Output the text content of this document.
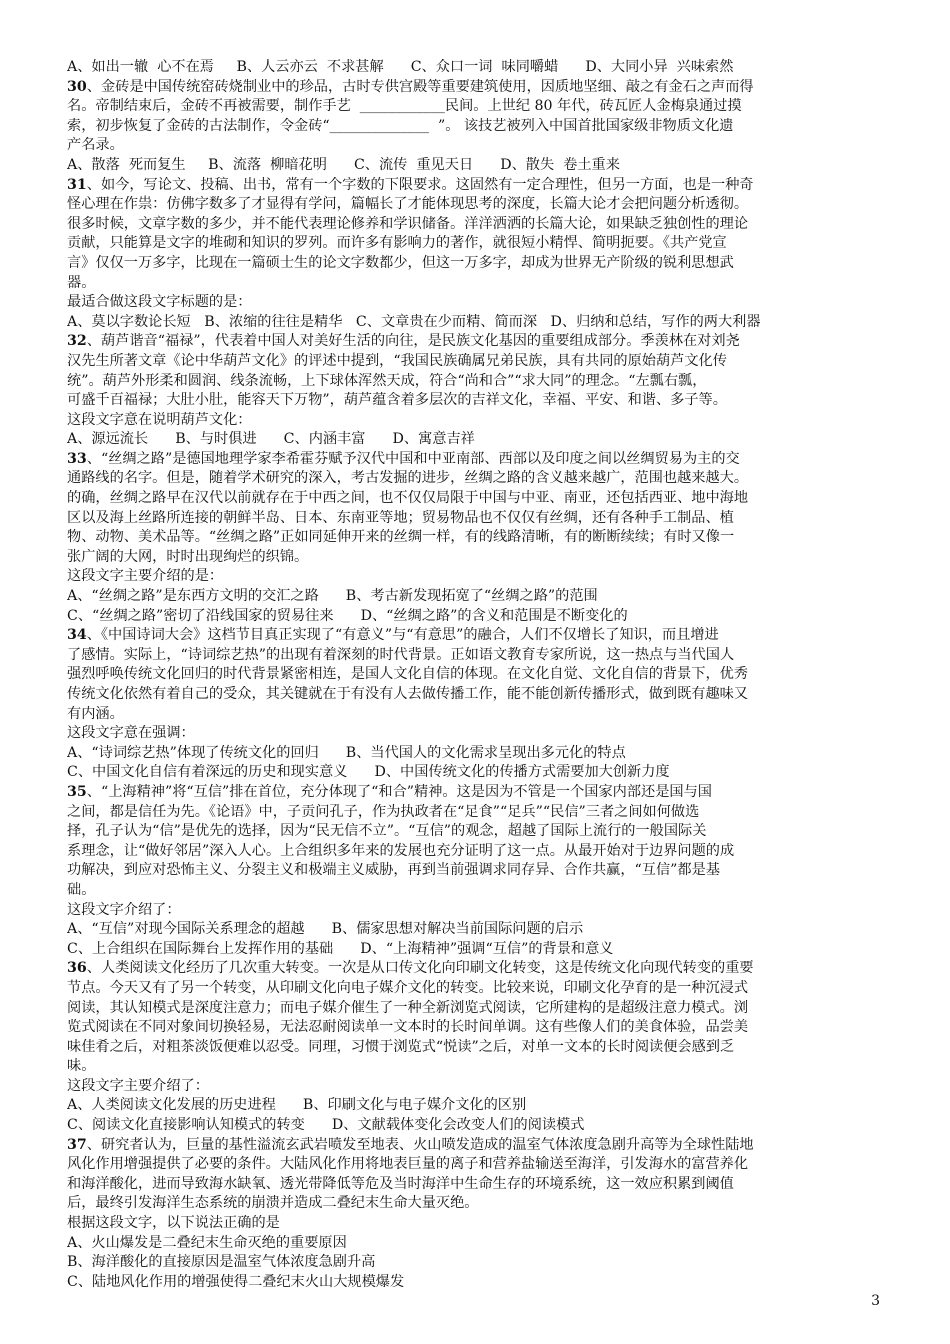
A、如出一辙  心不在焉     B、人云亦云  不求甚解      C、众口一词  味同嚼蜡      D、大同小异  兴味索然
30、金砖是中国传统窑砖烧制业中的珍品，古时专供宫殿等重要建筑使用，因质地坚细、敲之有金石之声而得
名。帝制结束后，金砖不再被需要，制作手艺  ____________民间。上世纪 80 年代，砖瓦匠人金梅泉通过摸
索，初步恢复了金砖的古法制作，令金砖“______________  ”。 该技艺被列入中国首批国家级非物质文化遗
产名录。
A、散落  死而复生     B、流落  柳暗花明      C、流传  重见天日      D、散失  卷土重来
31、如今，写论文、投稿、出书，常有一个字数的下限要求。这固然有一定合理性，但另一方面，也是一种奇
怪心理在作祟：仿佛字数多了才显得有学问，篇幅长了才能体现思考的深度，长篇大论才会把问题分析透彻。
很多时候，文章字数的多少，并不能代表理论修养和学识储备。洋洋洒洒的长篇大论，如果缺乏独创性的理论
贡献，只能算是文字的堆砌和知识的罗列。而许多有影响力的著作，就很短小精悍、简明扼要。《共产党宣
言》仅仅一万多字，比现在一篇硕士生的论文字数都少，但这一万多字，却成为世界无产阶级的锐利思想武
器。
最适合做这段文字标题的是：
A、莫以字数论长短   B、浓缩的往往是精华   C、文章贵在少而精、简而深   D、归纳和总结，写作的两大利器
32、葫芦谐音“福禄”，代表着中国人对美好生活的向往，是民族文化基因的重要组成部分。季羡林在对刘尧
汉先生所著文章《论中华葫芦文化》的评述中提到，“我国民族确属兄弟民族，具有共同的原始葫芦文化传
统”。葫芦外形柔和圆润、线条流畅，上下球体浑然天成，符合“尚和合”“求大同”的理念。“左瓢右瓢，
可盛千百福禄；大肚小肚，能容天下万物”，葫芦蕴含着多层次的吉祥文化，幸福、平安、和谐、多子等。
这段文字意在说明葫芦文化：
A、源远流长      B、与时俱进      C、内涵丰富      D、寓意吉祥
33、“丝绸之路”是德国地理学家李希霍芬赋予汉代中国和中亚南部、西部以及印度之间以丝绸贸易为主的交
通路线的名字。但是，随着学术研究的深入，考古发掘的进步，丝绸之路的含义越来越广，范围也越来越大。
的确，丝绸之路早在汉代以前就存在于中西之间，也不仅仅局限于中国与中亚、南亚，还包括西亚、地中海地
区以及海上丝路所连接的朝鲜半岛、日本、东南亚等地；贸易物品也不仅仅有丝绸，还有各种手工制品、植
物、动物、美术品等。“丝绸之路”正如同延伸开来的丝绸一样，有的线路清晰，有的断断续续；有时又像一
张广阔的大网，时时出现绚烂的织锦。
这段文字主要介绍的是：
A、“丝绸之路”是东西方文明的交汇之路      B、考古新发现拓宽了“丝绸之路”的范围
C、“丝绸之路”密切了沿线国家的贸易往来      D、“丝绸之路”的含义和范围是不断变化的
34、《中国诗词大会》这档节目真正实现了“有意义”与“有意思”的融合，人们不仅增长了知识，而且增进
了感情。实际上，“诗词综艺热”的出现有着深刻的时代背景。正如语文教育专家所说，这一热点与当代国人
强烈呼唤传统文化回归的时代背景紧密相连，是国人文化自信的体现。在文化自觉、文化自信的背景下，优秀
传统文化依然有着自己的受众，其关键就在于有没有人去做传播工作，能不能创新传播形式，做到既有趣味又
有内涵。
这段文字意在强调：
A、“诗词综艺热”体现了传统文化的回归      B、当代国人的文化需求呈现出多元化的特点
C、中国文化自信有着深远的历史和现实意义      D、中国传统文化的传播方式需要加大创新力度
35、“上海精神”将“互信”排在首位，充分体现了“和合”精神。这是因为不管是一个国家内部还是国与国
之间，都是信任为先。《论语》中，子贡问孔子，作为执政者在“足食”“足兵”“民信”三者之间如何做选
择，孔子认为“信”是优先的选择，因为“民无信不立”。“互信”的观念，超越了国际上流行的一般国际关
系理念，让“做好邻居”深入人心。上合组织多年来的发展也充分证明了这一点。从最开始对于边界问题的成
功解决，到应对恐怖主义、分裂主义和极端主义威胁，再到当前强调求同存异、合作共赢，“互信”都是基
础。
这段文字介绍了：
A、“互信”对现今国际关系理念的超越      B、儒家思想对解决当前国际问题的启示
C、上合组织在国际舞台上发挥作用的基础      D、“上海精神”强调“互信”的背景和意义
36、人类阅读文化经历了几次重大转变。一次是从口传文化向印刷文化转变，这是传统文化向现代转变的重要
节点。今天又有了另一个转变，从印刷文化向电子媒介文化的转变。比较来说，印刷文化孕育的是一种沉浸式
阅读，其认知模式是深度注意力；而电子媒介催生了一种全新浏览式阅读，它所建构的是超级注意力模式。浏
览式阅读在不同对象间切换轻易，无法忍耐阅读单一文本时的长时间单调。这有些像人们的美食体验，品尝美
味佳肴之后，对粗茶淡饭便难以忍受。同理，习惯于浏览式“悦读”之后，对单一文本的长时阅读便会感到乏
味。
这段文字主要介绍了：
A、人类阅读文化发展的历史进程      B、印刷文化与电子媒介文化的区别
C、阅读文化直接影响认知模式的转变      D、文献载体变化会改变人们的阅读模式
37、研究者认为，巨量的基性溢流玄武岩喷发至地表、火山喷发造成的温室气体浓度急剧升高等为全球性陆地
风化作用增强提供了必要的条件。大陆风化作用将地表巨量的离子和营养盐输送至海洋，引发海水的富营养化
和海洋酸化，进而导致海水缺氧、透光带降低等危及当时海洋中生命生存的环境系统，这一效应积累到阈值
后，最终引发海洋生态系统的崩溃并造成二叠纪末生命大量灭绝。
根据这段文字，以下说法正确的是
A、火山爆发是二叠纪末生命灭绝的重要原因
B、海洋酸化的直接原因是温室气体浓度急剧升高
C、陆地风化作用的增强使得二叠纪末火山大规模爆发
3
